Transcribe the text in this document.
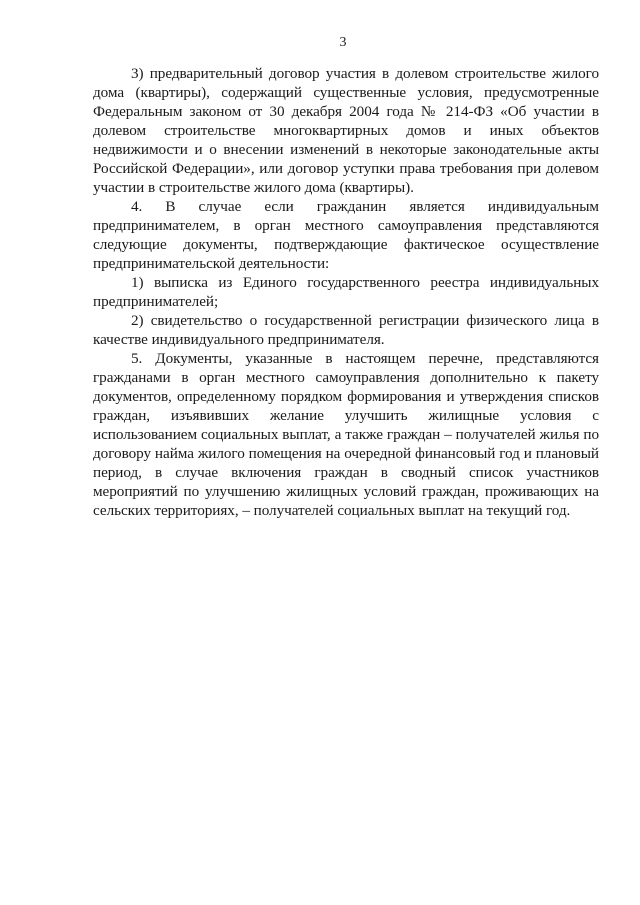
3

3) предварительный договор участия в долевом строительстве жилого дома (квартиры), содержащий существенные условия, предусмотренные Федеральным законом от 30 декабря 2004 года № 214-ФЗ «Об участии в долевом строительстве многоквартирных домов и иных объектов недвижимости и о внесении изменений в некоторые законодательные акты Российской Федерации», или договор уступки права требования при долевом участии в строительстве жилого дома (квартиры).

4. В случае если гражданин является индивидуальным предпринимателем, в орган местного самоуправления представляются следующие документы, подтверждающие фактическое осуществление предпринимательской деятельности:

1) выписка из Единого государственного реестра индивидуальных предпринимателей;

2) свидетельство о государственной регистрации физического лица в качестве индивидуального предпринимателя.

5. Документы, указанные в настоящем перечне, представляются гражданами в орган местного самоуправления дополнительно к пакету документов, определенному порядком формирования и утверждения списков граждан, изъявивших желание улучшить жилищные условия с использованием социальных выплат, а также граждан – получателей жилья по договору найма жилого помещения на очередной финансовый год и плановый период, в случае включения граждан в сводный список участников мероприятий по улучшению жилищных условий граждан, проживающих на сельских территориях, – получателей социальных выплат на текущий год.
